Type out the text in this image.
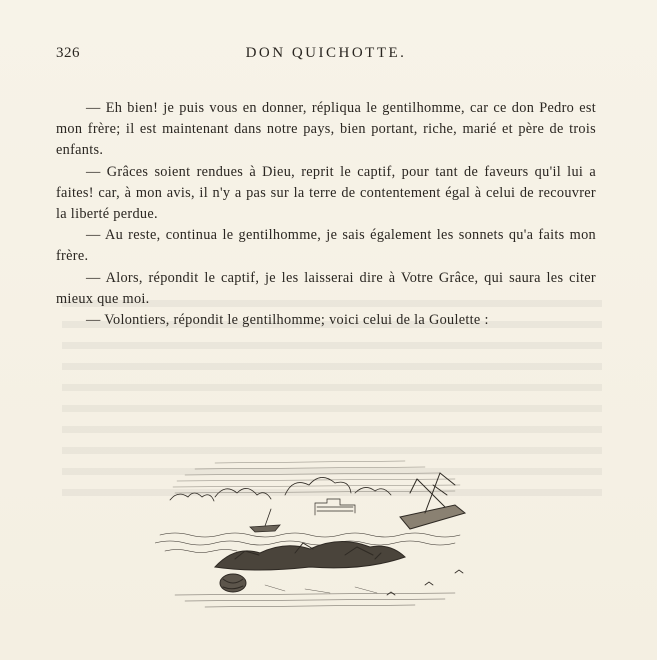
326	DON QUICHOTTE.

— Eh bien! je puis vous en donner, répliqua le gentilhomme, car ce don Pedro est mon frère; il est maintenant dans notre pays, bien portant, riche, marié et père de trois enfants.

— Grâces soient rendues à Dieu, reprit le captif, pour tant de faveurs qu'il lui a faites! car, à mon avis, il n'y a pas sur la terre de contentement égal à celui de recouvrer la liberté perdue.

— Au reste, continua le gentilhomme, je sais également les sonnets qu'a faits mon frère.

— Alors, répondit le captif, je les laisserai dire à Votre Grâce, qui saura les citer mieux que moi.

— Volontiers, répondit le gentilhomme; voici celui de la Goulette :
